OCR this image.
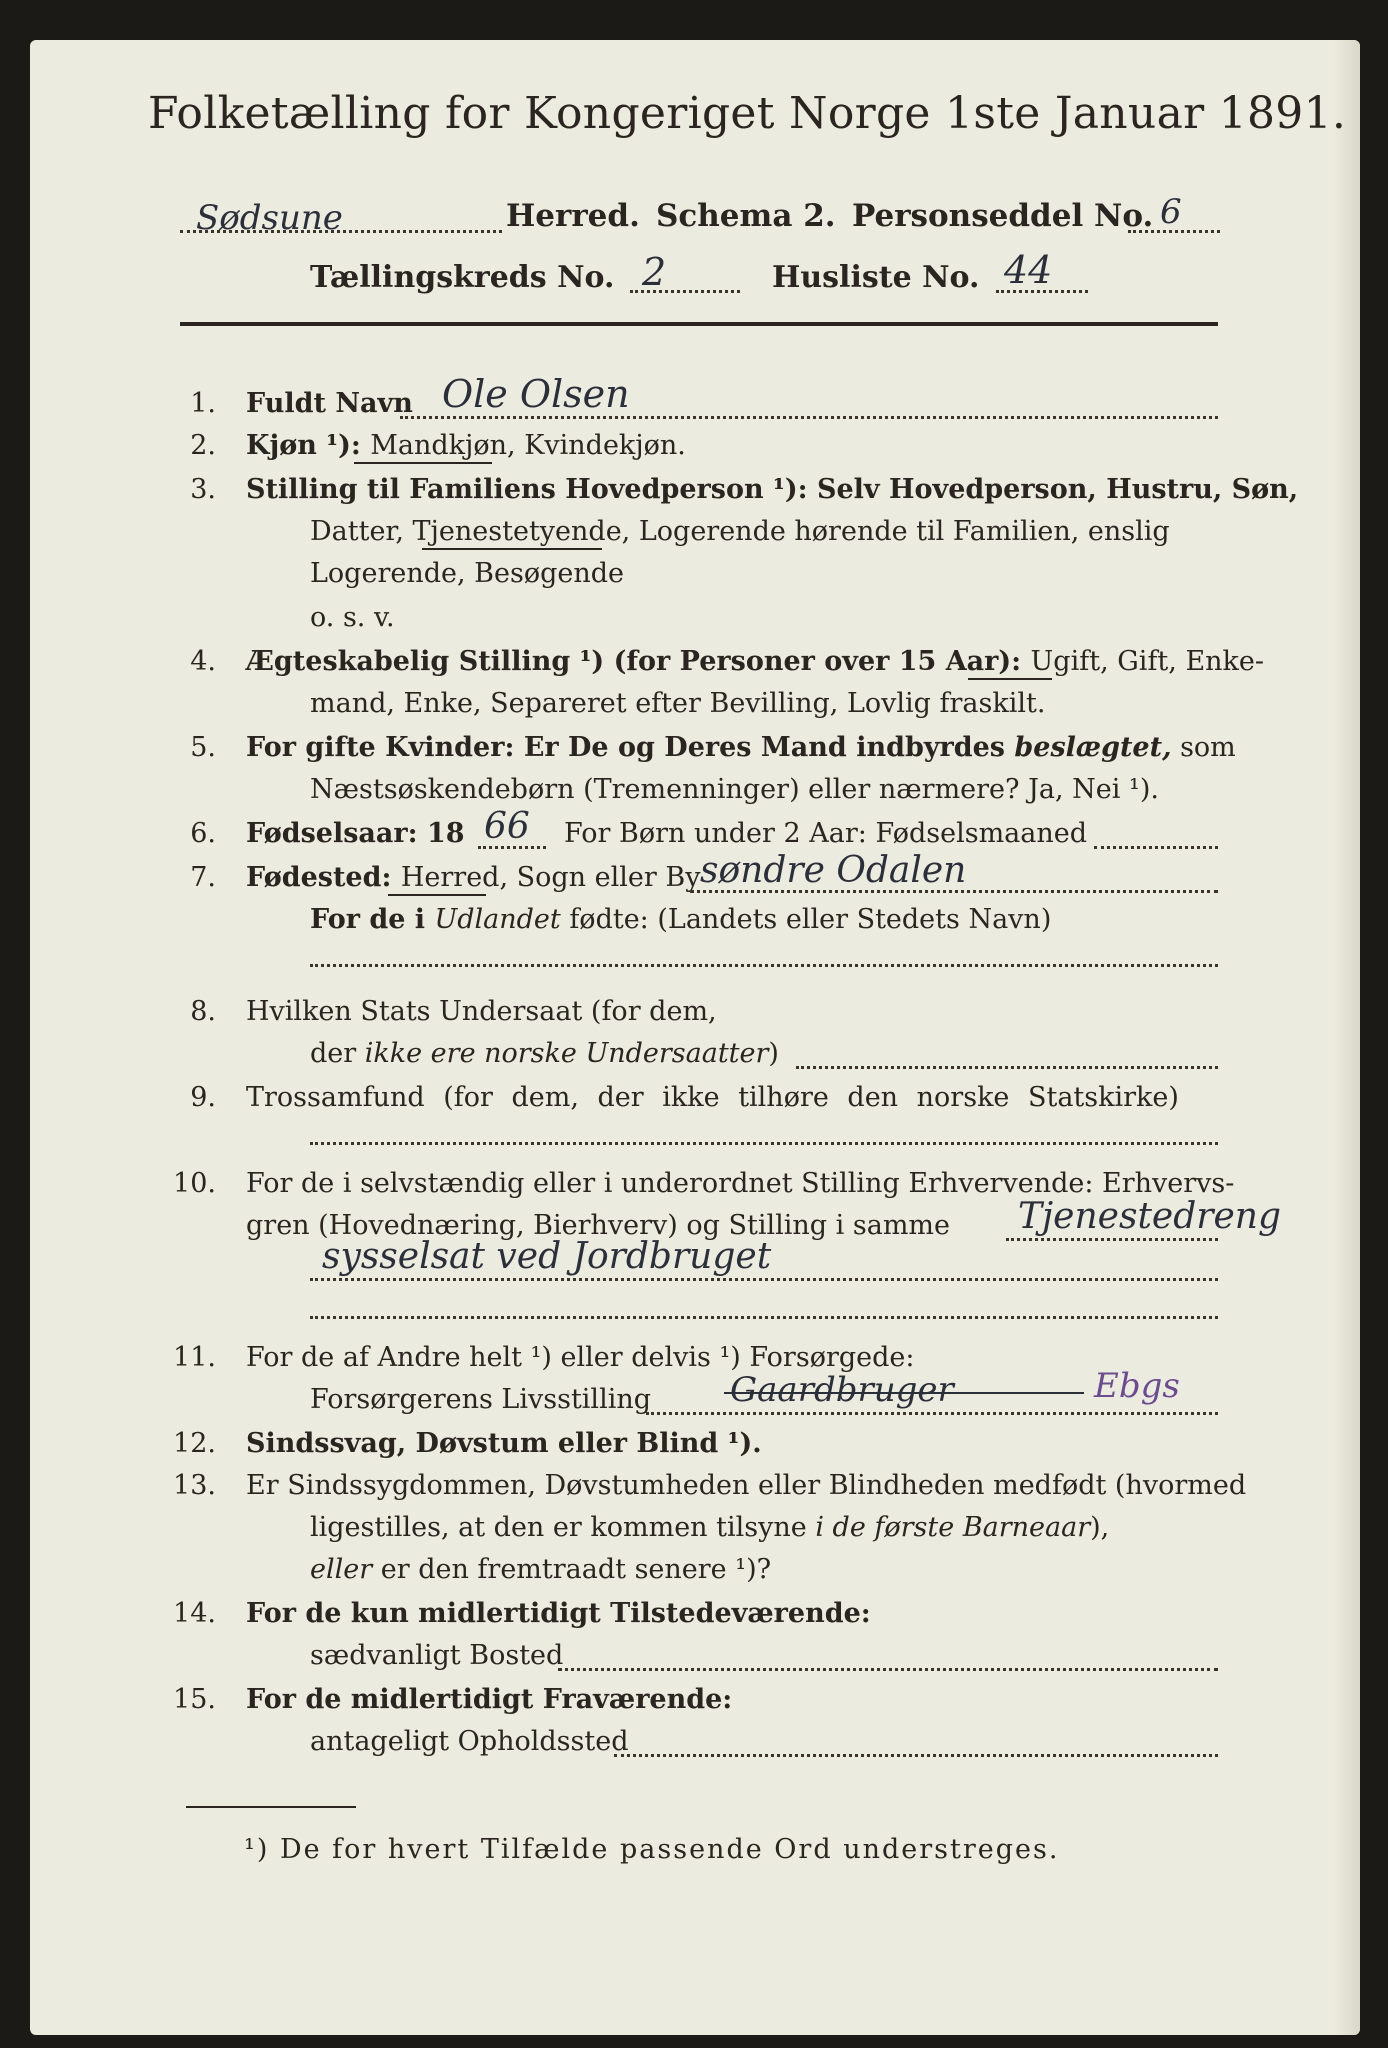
Folketælling for Kongeriget Norge 1ste Januar 1891.
Sødsune	Herred. Schema 2. Personseddel No. 6
Tællingskreds No. 2	Husliste No. 44
1. Fuldt Navn Ole Olsen
2. Kjøn ¹): Mandkjøn, Kvindekjøn.
3. Stilling til Familiens Hovedperson ¹): Selv Hovedperson, Hustru, Søn,
Datter, Tjenestetyende, Logerende hørende til Familien, enslig
Logerende, Besøgende
o. s. v.
4. Ægteskabelig Stilling ¹) (for Personer over 15 Aar): Ugift, Gift, Enke-
mand, Enke, Separeret efter Bevilling, Lovlig fraskilt.
5. For gifte Kvinder: Er De og Deres Mand indbyrdes beslægtet, som
Næstsøskendebørn (Tremenninger) eller nærmere? Ja, Nei ¹).
6. Fødselsaar: 18 66 For Børn under 2 Aar: Fødselsmaaned
7. Fødested: Herred, Sogn eller By søndre Odalen
For de i Udlandet fødte: (Landets eller Stedets Navn)
8. Hvilken Stats Undersaat (for dem,
der ikke ere norske Undersaatter)
9. Trossamfund (for dem, der ikke tilhøre den norske Statskirke)
10. For de i selvstændig eller i underordnet Stilling Erhvervende: Erhvervs-
gren (Hovednæring, Bierhverv) og Stilling i samme Tjenestedreng
sysselsat ved Jordbruget
11. For de af Andre helt ¹) eller delvis ¹) Forsørgede:
Forsørgerens Livsstilling Gaardbruger	Ebgs
12. Sindssvag, Døvstum eller Blind ¹).
13. Er Sindssygdommen, Døvstumheden eller Blindheden medfødt (hvormed
ligestilles, at den er kommen tilsyne i de første Barneaar),
eller er den fremtraadt senere ¹)?
14. For de kun midlertidigt Tilstedeværende:
sædvanligt Bosted
15. For de midlertidigt Fraværende:
antageligt Opholdssted
¹) De for hvert Tilfælde passende Ord understreges.
